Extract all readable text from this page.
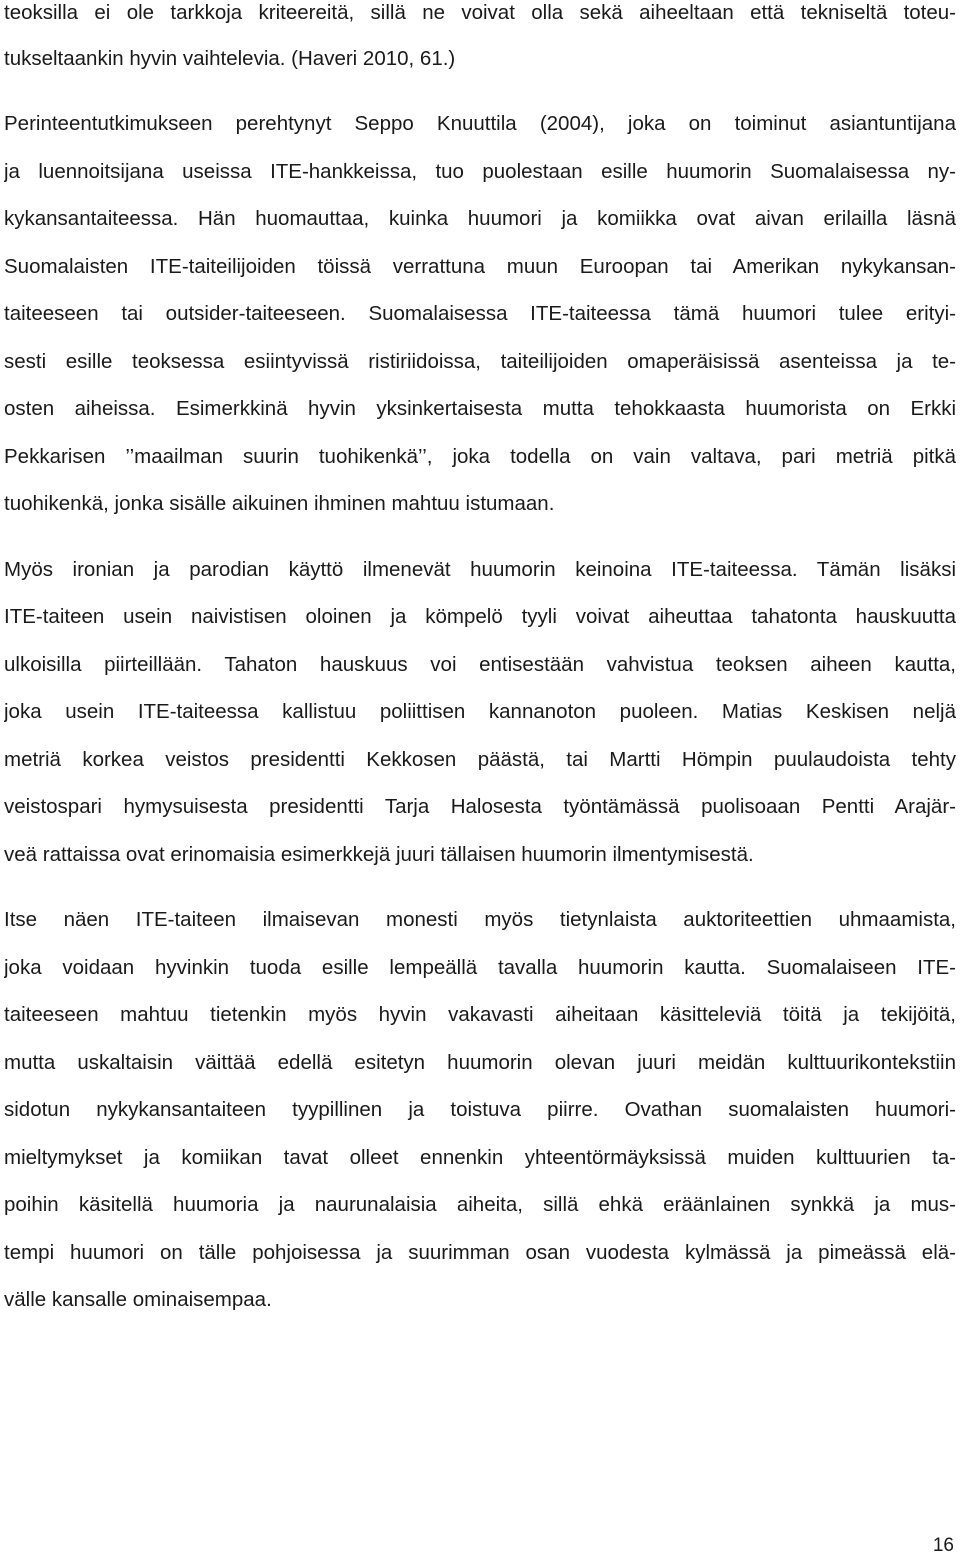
teoksilla ei ole tarkkoja kriteereitä, sillä ne voivat olla sekä aiheeltaan että tekniseltä toteu-
tukseltaankin hyvin vaihtelevia. (Haveri 2010, 61.)
Perinteentutkimukseen perehtynyt Seppo Knuuttila (2004), joka on toiminut asiantuntijana
ja luennoitsijana useissa ITE-hankkeissa, tuo puolestaan esille huumorin Suomalaisessa ny-
kykansantaiteessa. Hän huomauttaa, kuinka huumori ja komiikka ovat aivan erilailla läsnä
Suomalaisten ITE-taiteilijoiden töissä verrattuna muun Euroopan tai Amerikan nykykansan-
taiteeseen tai outsider-taiteeseen. Suomalaisessa ITE-taiteessa tämä huumori tulee erityi-
sesti esille teoksessa esiintyvissä ristiriidoissa, taiteilijoiden omaperäisissä asenteissa ja te-
osten aiheissa. Esimerkkinä hyvin yksinkertaisesta mutta tehokkaasta huumorista on Erkki
Pekkarisen ’’maailman suurin tuohikenkä’’, joka todella on vain valtava, pari metriä pitkä
tuohikenkä, jonka sisälle aikuinen ihminen mahtuu istumaan.
Myös ironian ja parodian käyttö ilmenevät huumorin keinoina ITE-taiteessa. Tämän lisäksi
ITE-taiteen usein naivistisen oloinen ja kömpelö tyyli voivat aiheuttaa tahatonta hauskuutta
ulkoisilla piirteillään. Tahaton hauskuus voi entisestään vahvistua teoksen aiheen kautta,
joka usein ITE-taiteessa kallistuu poliittisen kannanoton puoleen. Matias Keskisen neljä
metriä korkea veistos presidentti Kekkosen päästä, tai Martti Hömpin puulaudoista tehty
veistospari hymysuisesta presidentti Tarja Halosesta työntämässä puolisoaan Pentti Arajär-
veä rattaissa ovat erinomaisia esimerkkejä juuri tällaisen huumorin ilmentymisestä.
Itse näen ITE-taiteen ilmaisevan monesti myös tietynlaista auktoriteettien uhmaamista,
joka voidaan hyvinkin tuoda esille lempeällä tavalla huumorin kautta. Suomalaiseen ITE-
taiteeseen mahtuu tietenkin myös hyvin vakavasti aiheitaan käsitteleviä töitä ja tekijöitä,
mutta uskaltaisin väittää edellä esitetyn huumorin olevan juuri meidän kulttuurikontekstiin
sidotun nykykansantaiteen tyypillinen ja toistuva piirre. Ovathan suomalaisten huumori-
mieltymykset ja komiikan tavat olleet ennenkin yhteentörmäyksissä muiden kulttuurien ta-
poihin käsitellä huumoria ja naurunalaisia aiheita, sillä ehkä eräänlainen synkkä ja mus-
tempi huumori on tälle pohjoisessa ja suurimman osan vuodesta kylmässä ja pimeässä elä-
välle kansalle ominaisempaa.
16
